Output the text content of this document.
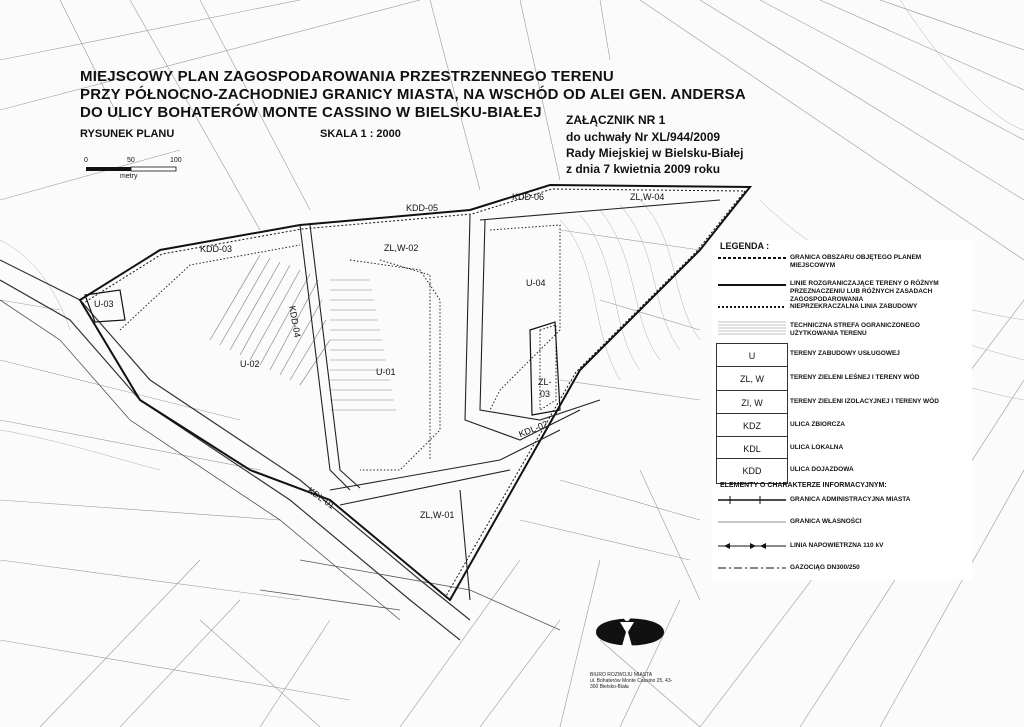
MIEJSCOWY PLAN ZAGOSPODAROWANIA PRZESTRZENNEGO TERENU
PRZY PÓŁNOCNO-ZACHODNIEJ GRANICY MIASTA, NA WSCHÓD OD ALEI GEN. ANDERSA
DO ULICY BOHATERÓW MONTE CASSINO W BIELSKU-BIAŁEJ
RYSUNEK PLANU	SKALA 1 : 2000
0	50	100
metry
ZAŁĄCZNIK NR 1
do uchwały Nr XL/944/2009
Rady Miejskiej w Bielsku-Białej
z dnia 7 kwietnia 2009 roku
KDD-06
KDD-05
ZL,W-04
KDD-03	ZL,W-02
U-04
U-03
KDD-04
U-02
U-01
ZL-
03
KDL-02
KDL-01
ZL,W-01
LEGENDA :
GRANICA OBSZARU OBJĘTEGO PLANEM MIEJSCOWYM
LINIE ROZGRANICZAJĄCE TERENY O RÓŻNYM PRZEZNACZENIU LUB RÓŻNYCH ZASADACH ZAGOSPODAROWANIA
NIEPRZEKRACZALNA LINIA ZABUDOWY
TECHNICZNA STREFA OGRANICZONEGO UŻYTKOWANIA TERENU
U	TERENY ZABUDOWY USŁUGOWEJ
ZL, W	TERENY ZIELENI LEŚNEJ I TERENY WÓD
ZI, W	TERENY ZIELENI IZOLACYJNEJ I TERENY WÓD
KDZ	ULICA ZBIORCZA
KDL	ULICA LOKALNA
KDD	ULICA DOJAZDOWA
ELEMENTY O CHARAKTERZE INFORMACYJNYM:
GRANICA ADMINISTRACYJNA MIASTA
GRANICA WŁASNOŚCI
LINIA NAPOWIETRZNA 110 kV
GAZOCIĄG DN300/250
BIURO ROZWOJU MIASTA
ul. Bohaterów Monte Cassino 25, 43-300 Bielsko-Biała
